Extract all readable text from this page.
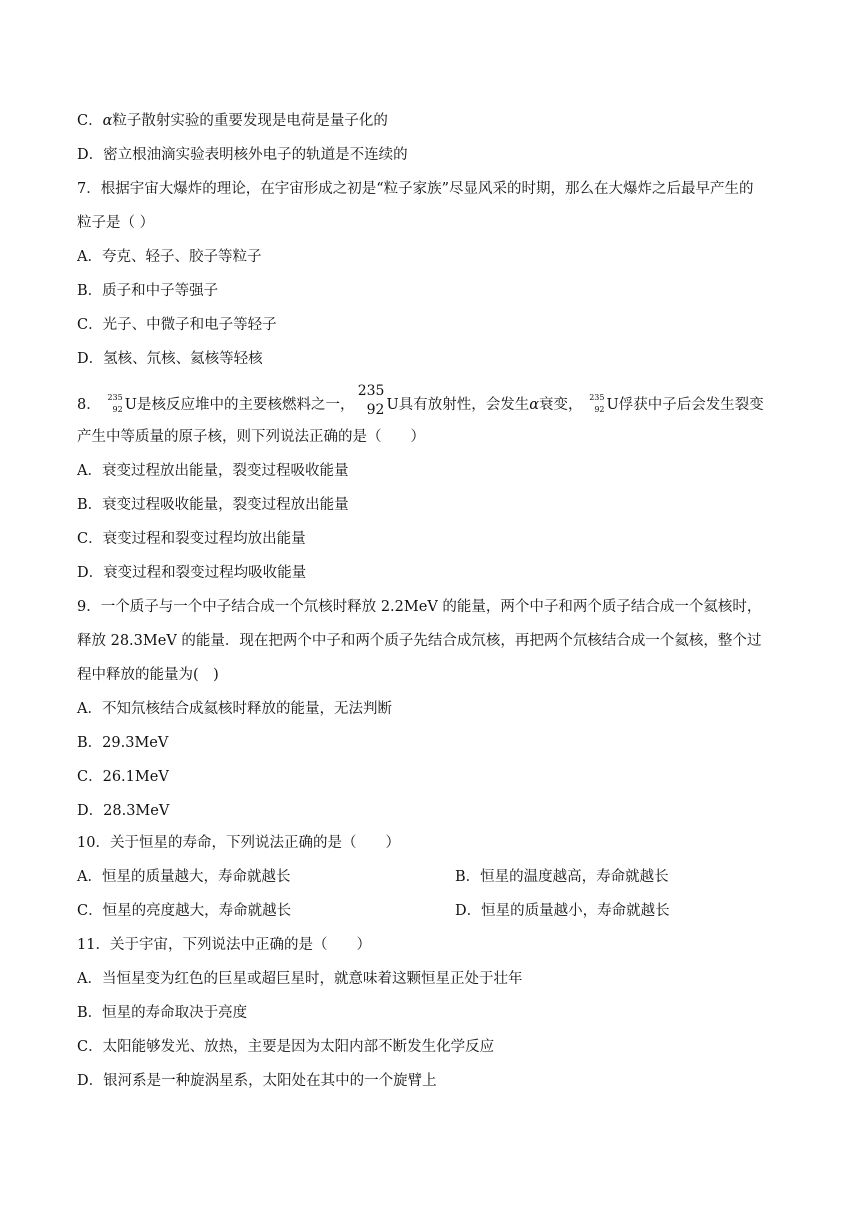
C．α粒子散射实验的重要发现是电荷是量子化的
D．密立根油滴实验表明核外电子的轨道是不连续的
7．根据宇宙大爆炸的理论，在宇宙形成之初是“粒子家族”尽显风采的时期，那么在大爆炸之后最早产生的
粒子是（ ）
A．夸克、轻子、胶子等粒子
B．质子和中子等强子
C．光子、中微子和电子等轻子
D．氢核、氘核、氦核等轻核
8． 235
92 U是核反应堆中的主要核燃料之一，
235
92 U具有放射性，会发生α衰变， 235
92 U俘获中子后会发生裂变
产生中等质量的原子核，则下列说法正确的是（　　）
A．衰变过程放出能量，裂变过程吸收能量
B．衰变过程吸收能量，裂变过程放出能量
C．衰变过程和裂变过程均放出能量
D．衰变过程和裂变过程均吸收能量
9．一个质子与一个中子结合成一个氘核时释放 2.2MeV 的能量，两个中子和两个质子结合成一个氦核时，
释放 28.3MeV 的能量．现在把两个中子和两个质子先结合成氘核，再把两个氘核结合成一个氦核，整个过
程中释放的能量为(　)
A．不知氘核结合成氦核时释放的能量，无法判断
B．29.3MeV
C．26.1MeV
D．28.3MeV
10．关于恒星的寿命，下列说法正确的是（　　）
A．恒星的质量越大，寿命就越长	B．恒星的温度越高，寿命就越长
C．恒星的亮度越大，寿命就越长	D．恒星的质量越小，寿命就越长
11．关于宇宙，下列说法中正确的是（　　）
A．当恒星变为红色的巨星或超巨星时，就意味着这颗恒星正处于壮年
B．恒星的寿命取决于亮度
C．太阳能够发光、放热，主要是因为太阳内部不断发生化学反应
D．银河系是一种旋涡星系，太阳处在其中的一个旋臂上
